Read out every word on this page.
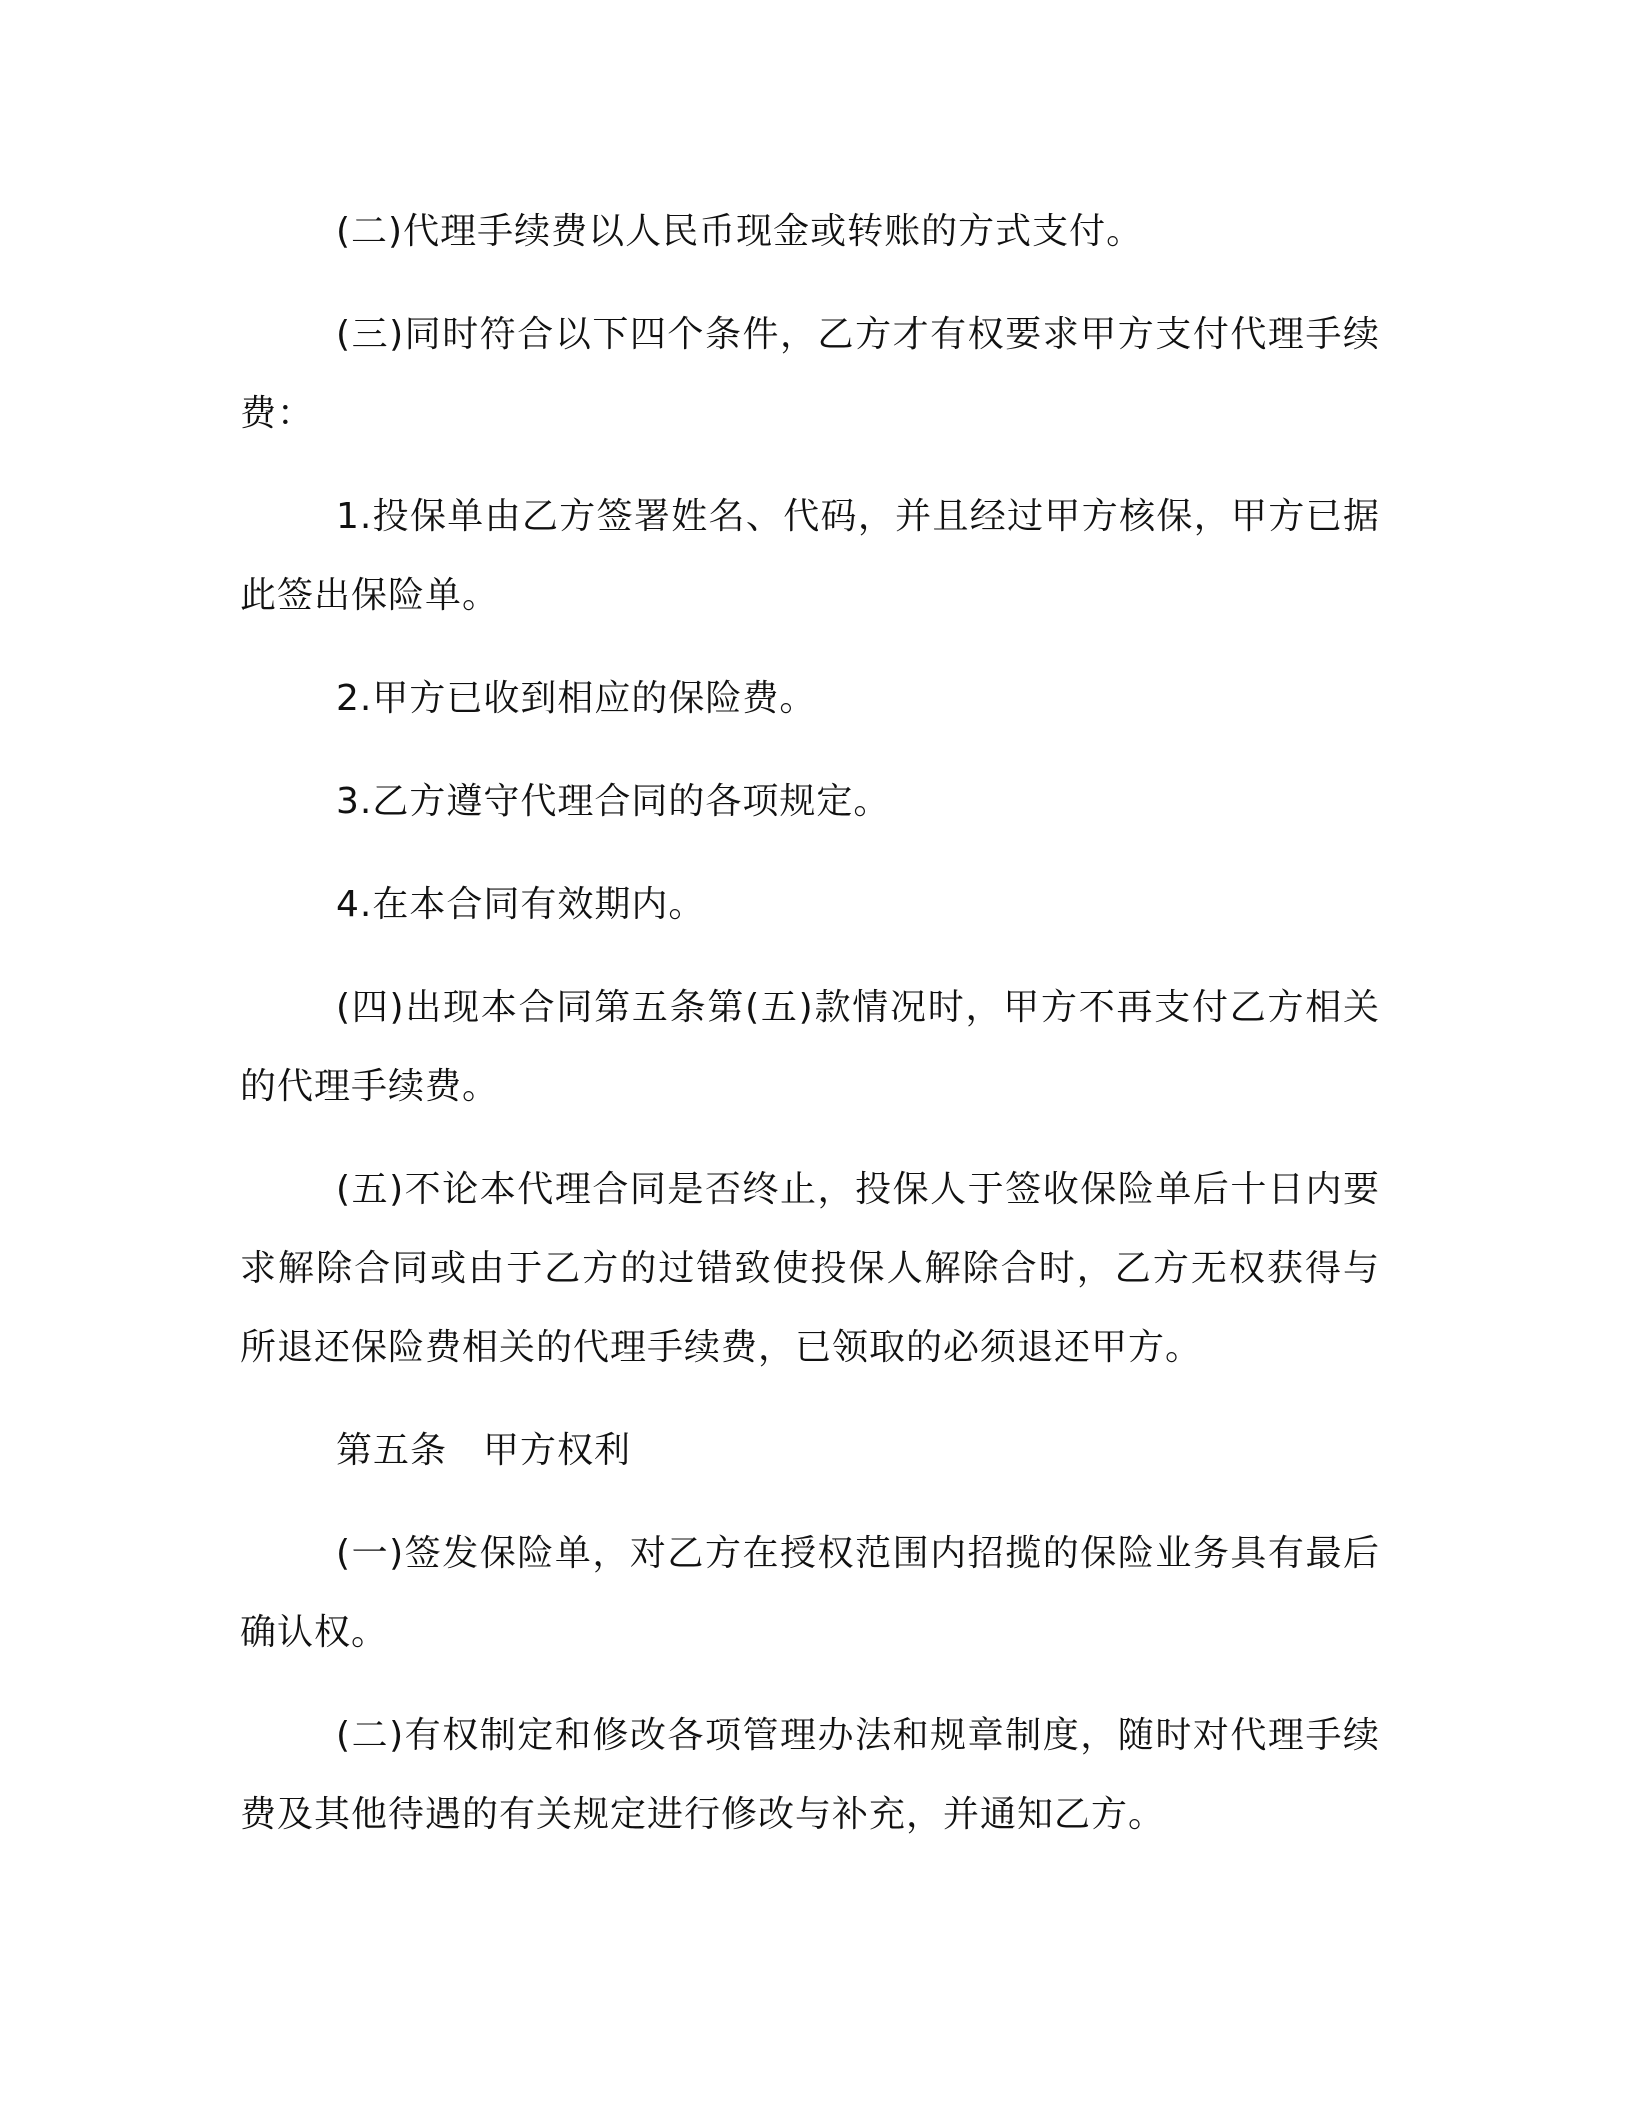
(二)代理手续费以人民币现金或转账的方式支付。

(三)同时符合以下四个条件，乙方才有权要求甲方支付代理手续费：

1.投保单由乙方签署姓名、代码，并且经过甲方核保，甲方已据此签出保险单。

2.甲方已收到相应的保险费。

3.乙方遵守代理合同的各项规定。

4.在本合同有效期内。

(四)出现本合同第五条第(五)款情况时，甲方不再支付乙方相关的代理手续费。

(五)不论本代理合同是否终止，投保人于签收保险单后十日内要求解除合同或由于乙方的过错致使投保人解除合时，乙方无权获得与所退还保险费相关的代理手续费，已领取的必须退还甲方。

第五条 甲方权利

(一)签发保险单，对乙方在授权范围内招揽的保险业务具有最后确认权。

(二)有权制定和修改各项管理办法和规章制度，随时对代理手续费及其他待遇的有关规定进行修改与补充，并通知乙方。
